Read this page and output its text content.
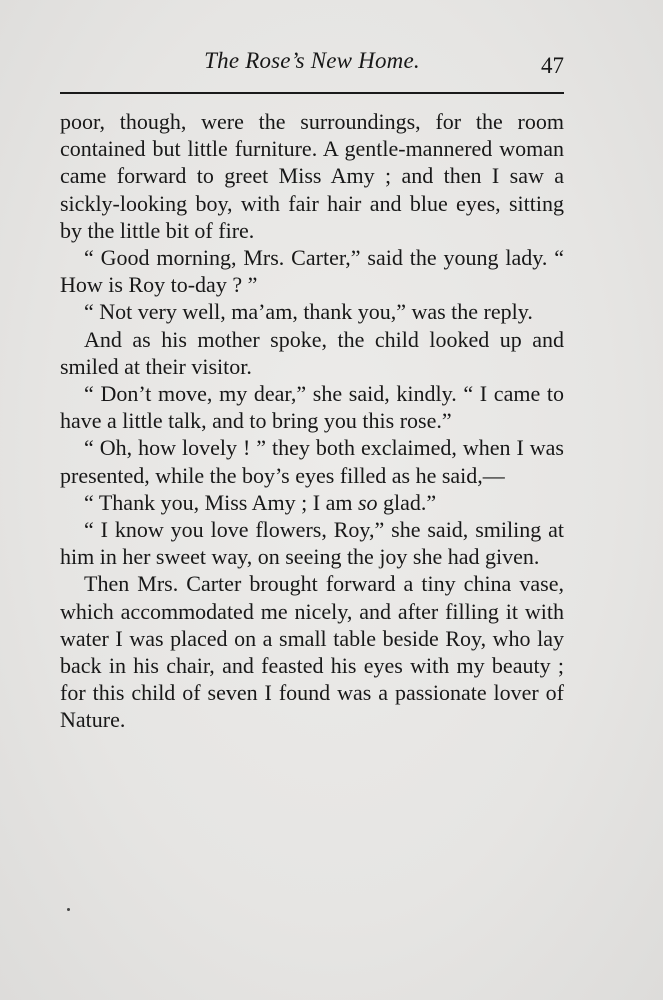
The Rose’s New Home.	47

poor, though, were the surroundings, for the room contained but little furniture. A gentle-mannered woman came forward to greet Miss Amy ; and then I saw a sickly-looking boy, with fair hair and blue eyes, sitting by the little bit of fire.

“ Good morning, Mrs. Carter,” said the young lady. “ How is Roy to-day ? ”

“ Not very well, ma’am, thank you,” was the reply.

And as his mother spoke, the child looked up and smiled at their visitor.

“ Don’t move, my dear,” she said, kindly. “ I came to have a little talk, and to bring you this rose.”

“ Oh, how lovely ! ” they both exclaimed, when I was presented, while the boy’s eyes filled as he said,—

“ Thank you, Miss Amy ; I am so glad.”

“ I know you love flowers, Roy,” she said, smiling at him in her sweet way, on seeing the joy she had given.

Then Mrs. Carter brought forward a tiny china vase, which accommodated me nicely, and after filling it with water I was placed on a small table beside Roy, who lay back in his chair, and feasted his eyes with my beauty ; for this child of seven I found was a passionate lover of Nature.
